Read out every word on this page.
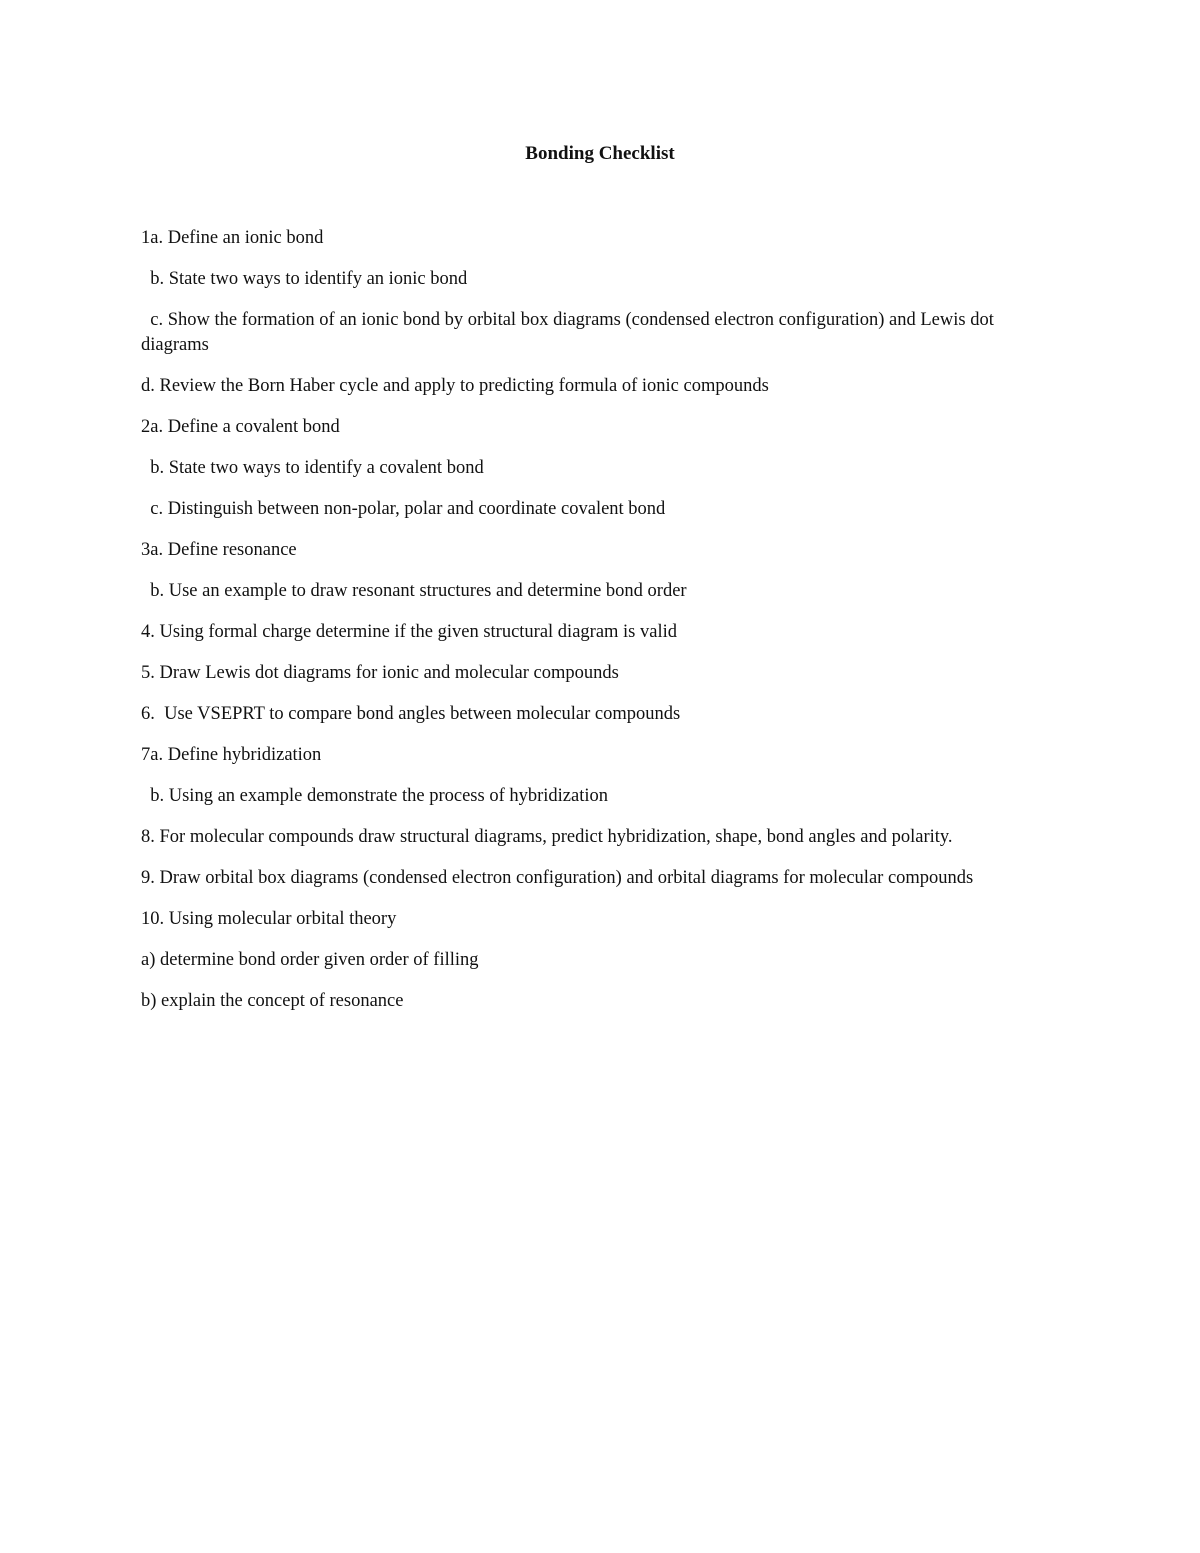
Bonding Checklist
1a. Define an ionic bond
b. State two ways to identify an ionic bond
c. Show the formation of an ionic bond by orbital box diagrams (condensed electron configuration) and Lewis dot diagrams
d. Review the Born Haber cycle and apply to predicting formula of ionic compounds
2a. Define a covalent bond
b. State two ways to identify a covalent bond
c. Distinguish between non-polar, polar and coordinate covalent bond
3a. Define resonance
b. Use an example to draw resonant structures and determine bond order
4. Using formal charge determine if the given structural diagram is valid
5. Draw Lewis dot diagrams for ionic and molecular compounds
6.  Use VSEPRT to compare bond angles between molecular compounds
7a. Define hybridization
b. Using an example demonstrate the process of hybridization
8. For molecular compounds draw structural diagrams, predict hybridization, shape, bond angles and polarity.
9. Draw orbital box diagrams (condensed electron configuration) and orbital diagrams for molecular compounds
10. Using molecular orbital theory
a) determine bond order given order of filling
b) explain the concept of resonance
